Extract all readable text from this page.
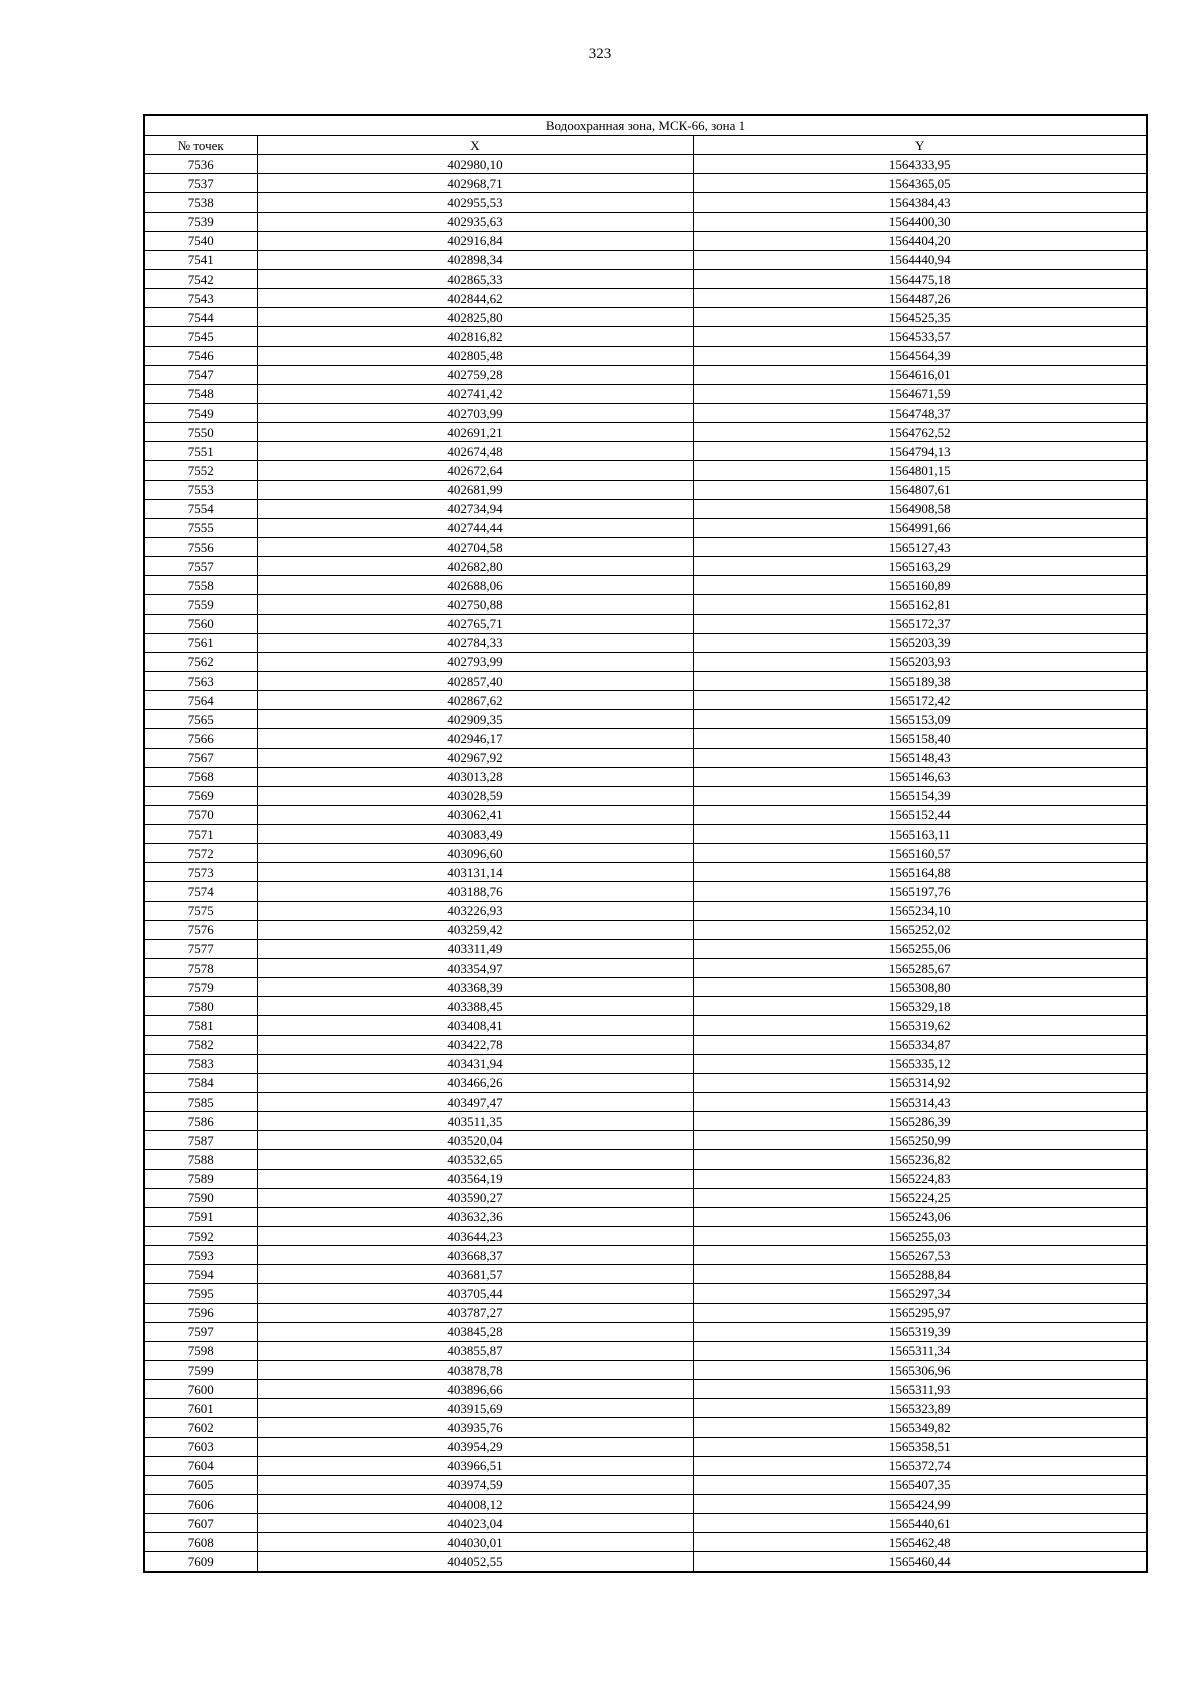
323
Водоохранная зона, МСК-66, зона 1		
№ точек	X	Y
7536	402980,10	1564333,95
7537	402968,71	1564365,05
7538	402955,53	1564384,43
7539	402935,63	1564400,30
7540	402916,84	1564404,20
7541	402898,34	1564440,94
7542	402865,33	1564475,18
7543	402844,62	1564487,26
7544	402825,80	1564525,35
7545	402816,82	1564533,57
7546	402805,48	1564564,39
7547	402759,28	1564616,01
7548	402741,42	1564671,59
7549	402703,99	1564748,37
7550	402691,21	1564762,52
7551	402674,48	1564794,13
7552	402672,64	1564801,15
7553	402681,99	1564807,61
7554	402734,94	1564908,58
7555	402744,44	1564991,66
7556	402704,58	1565127,43
7557	402682,80	1565163,29
7558	402688,06	1565160,89
7559	402750,88	1565162,81
7560	402765,71	1565172,37
7561	402784,33	1565203,39
7562	402793,99	1565203,93
7563	402857,40	1565189,38
7564	402867,62	1565172,42
7565	402909,35	1565153,09
7566	402946,17	1565158,40
7567	402967,92	1565148,43
7568	403013,28	1565146,63
7569	403028,59	1565154,39
7570	403062,41	1565152,44
7571	403083,49	1565163,11
7572	403096,60	1565160,57
7573	403131,14	1565164,88
7574	403188,76	1565197,76
7575	403226,93	1565234,10
7576	403259,42	1565252,02
7577	403311,49	1565255,06
7578	403354,97	1565285,67
7579	403368,39	1565308,80
7580	403388,45	1565329,18
7581	403408,41	1565319,62
7582	403422,78	1565334,87
7583	403431,94	1565335,12
7584	403466,26	1565314,92
7585	403497,47	1565314,43
7586	403511,35	1565286,39
7587	403520,04	1565250,99
7588	403532,65	1565236,82
7589	403564,19	1565224,83
7590	403590,27	1565224,25
7591	403632,36	1565243,06
7592	403644,23	1565255,03
7593	403668,37	1565267,53
7594	403681,57	1565288,84
7595	403705,44	1565297,34
7596	403787,27	1565295,97
7597	403845,28	1565319,39
7598	403855,87	1565311,34
7599	403878,78	1565306,96
7600	403896,66	1565311,93
7601	403915,69	1565323,89
7602	403935,76	1565349,82
7603	403954,29	1565358,51
7604	403966,51	1565372,74
7605	403974,59	1565407,35
7606	404008,12	1565424,99
7607	404023,04	1565440,61
7608	404030,01	1565462,48
7609	404052,55	1565460,44
